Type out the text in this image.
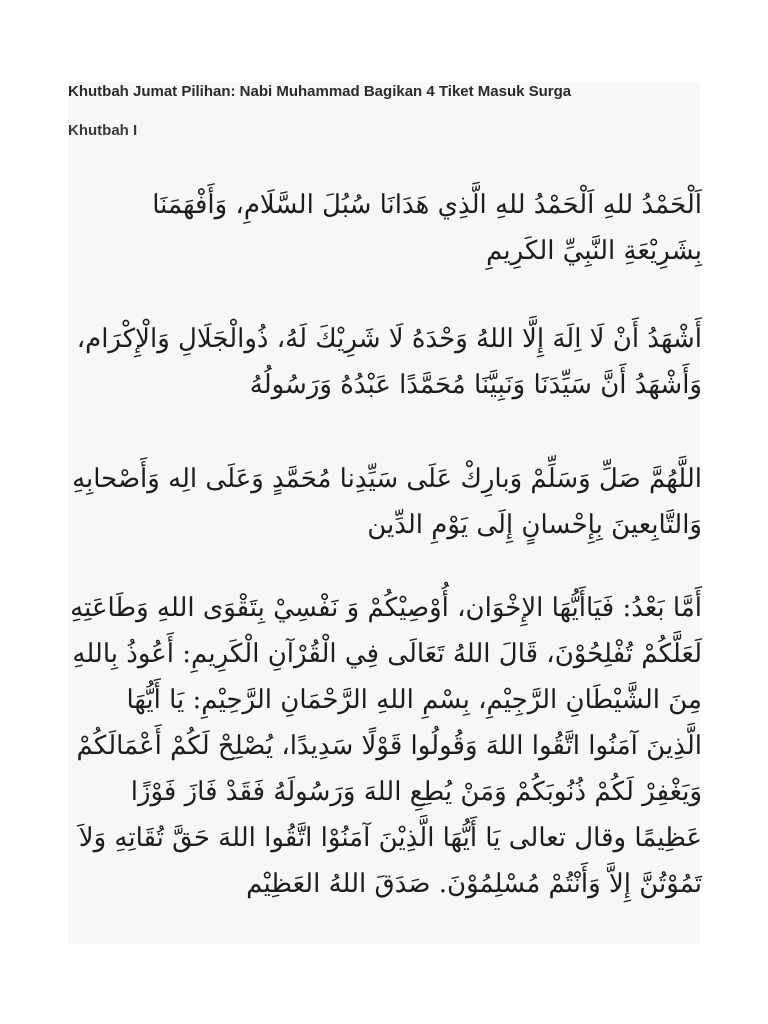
Khutbah Jumat Pilihan: Nabi Muhammad Bagikan 4 Tiket Masuk Surga
Khutbah I
اَلْحَمْدُ للهِ اَلْحَمْدُ للهِ الَّذِي هَدَانَا سُبُلَ السَّلَامِ، وَأَفْهَمَنَا بِشَرِيْعَةِ النَّبِيِّ الكَرِيمِ
أَشْهَدُ أَنْ لَا اِلَهَ إِلَّا اللهُ وَحْدَهُ لَا شَرِيْكَ لَهُ، ذُوالْجَلَالِ وَالْإِكْرَام، وَأَشْهَدُ أَنَّ سَيِّدَنَا وَنَبِيَّنَا مُحَمَّدًا عَبْدُهُ وَرَسُولُهُ
اللَّهُمَّ صَلِّ وَسَلِّمْ وَبارِكْ عَلَى سَيِّدِنا مُحَمَّدٍ وَعَلَى الِه وَأَصْحابِهِ وَالتَّابِعينَ بِإِحْسانٍ إِلَى يَوْمِ الدِّين
أَمَّا بَعْدُ: فَيَاأَيُّهَا الإِخْوَان، أُوْصِيْكُمْ وَ نَفْسِيْ بِتَقْوَى اللهِ وَطَاعَتِهِ لَعَلَّكُمْ تُفْلِحُوْنَ، قَالَ اللهُ تَعَالَى فِي الْقُرْآنِ الْكَرِيمِ: أَعُوذُ بِاللهِ مِنَ الشَّيْطَانِ الرَّجِيْمِ، بِسْمِ اللهِ الرَّحْمَانِ الرَّحِيْمِ: يَا أَيُّهَا الَّذِينَ آمَنُوا اتَّقُوا اللهَ وَقُولُوا قَوْلًا سَدِيدًا، يُصْلِحْ لَكُمْ أَعْمَالَكُمْ وَيَغْفِرْ لَكُمْ ذُنُوبَكُمْ وَمَنْ يُطِعِ اللهَ وَرَسُولَهُ فَقَدْ فَازَ فَوْزًا عَظِيمًا وقال تعالى يَا أَيُّهَا الَّذِيْنَ آمَنُوْا اتَّقُوا اللهَ حَقَّ تُقَاتِهِ وَلاَ تَمُوْتُنَّ إِلاَّ وَأَنْتُمْ مُسْلِمُوْنَ. صَدَقَ اللهُ العَظِيْم
